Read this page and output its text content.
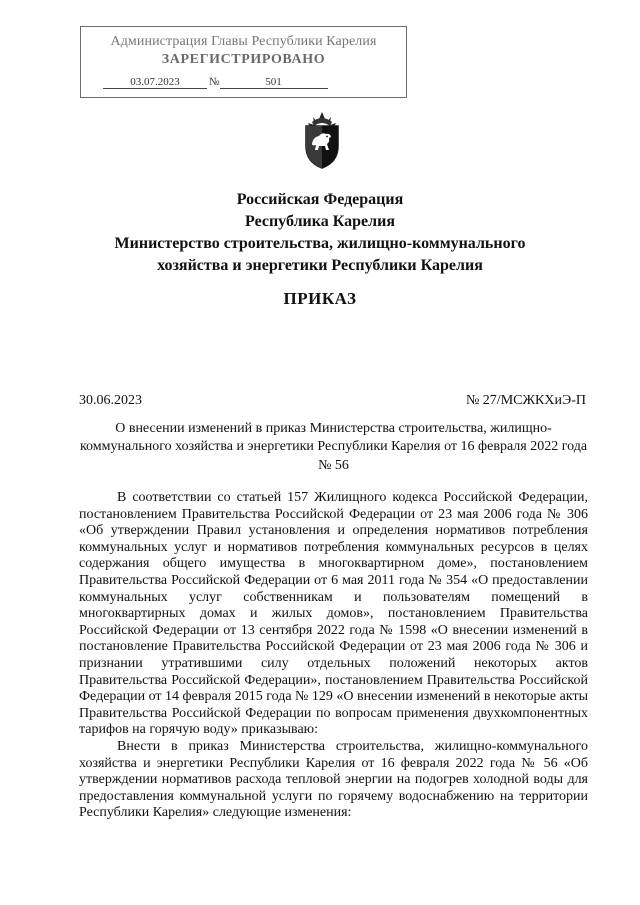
Администрация Главы Республики Карелия
ЗАРЕГИСТРИРОВАНО
03.07.2023	№	501
Российская Федерация
Республика Карелия
Министерство строительства, жилищно-коммунального
хозяйства и энергетики Республики Карелия
ПРИКАЗ
30.06.2023	№ 27/МСЖКХиЭ-П
О внесении изменений в приказ Министерства строительства, жилищно-коммунального хозяйства и энергетики Республики Карелия от 16 февраля 2022 года № 56

В соответствии со статьей 157 Жилищного кодекса Российской Федерации, постановлением Правительства Российской Федерации от 23 мая 2006 года № 306 «Об утверждении Правил установления и определения нормативов потребления коммунальных услуг и нормативов потребления коммунальных ресурсов в целях содержания общего имущества в многоквартирном доме», постановлением Правительства Российской Федерации от 6 мая 2011 года № 354 «О предоставлении коммунальных услуг собственникам и пользователям помещений в многоквартирных домах и жилых домов», постановлением Правительства Российской Федерации от 13 сентября 2022 года № 1598 «О внесении изменений в постановление Правительства Российской Федерации от 23 мая 2006 года № 306 и признании утратившими силу отдельных положений некоторых актов Правительства Российской Федерации», постановлением Правительства Российской Федерации от 14 февраля 2015 года № 129 «О внесении изменений в некоторые акты Правительства Российской Федерации по вопросам применения двухкомпонентных тарифов на горячую воду» приказываю:

Внести в приказ Министерства строительства, жилищно-коммунального хозяйства и энергетики Республики Карелия от 16 февраля 2022 года № 56 «Об утверждении нормативов расхода тепловой энергии на подогрев холодной воды для предоставления коммунальной услуги по горячему водоснабжению на территории Республики Карелия» следующие изменения:
